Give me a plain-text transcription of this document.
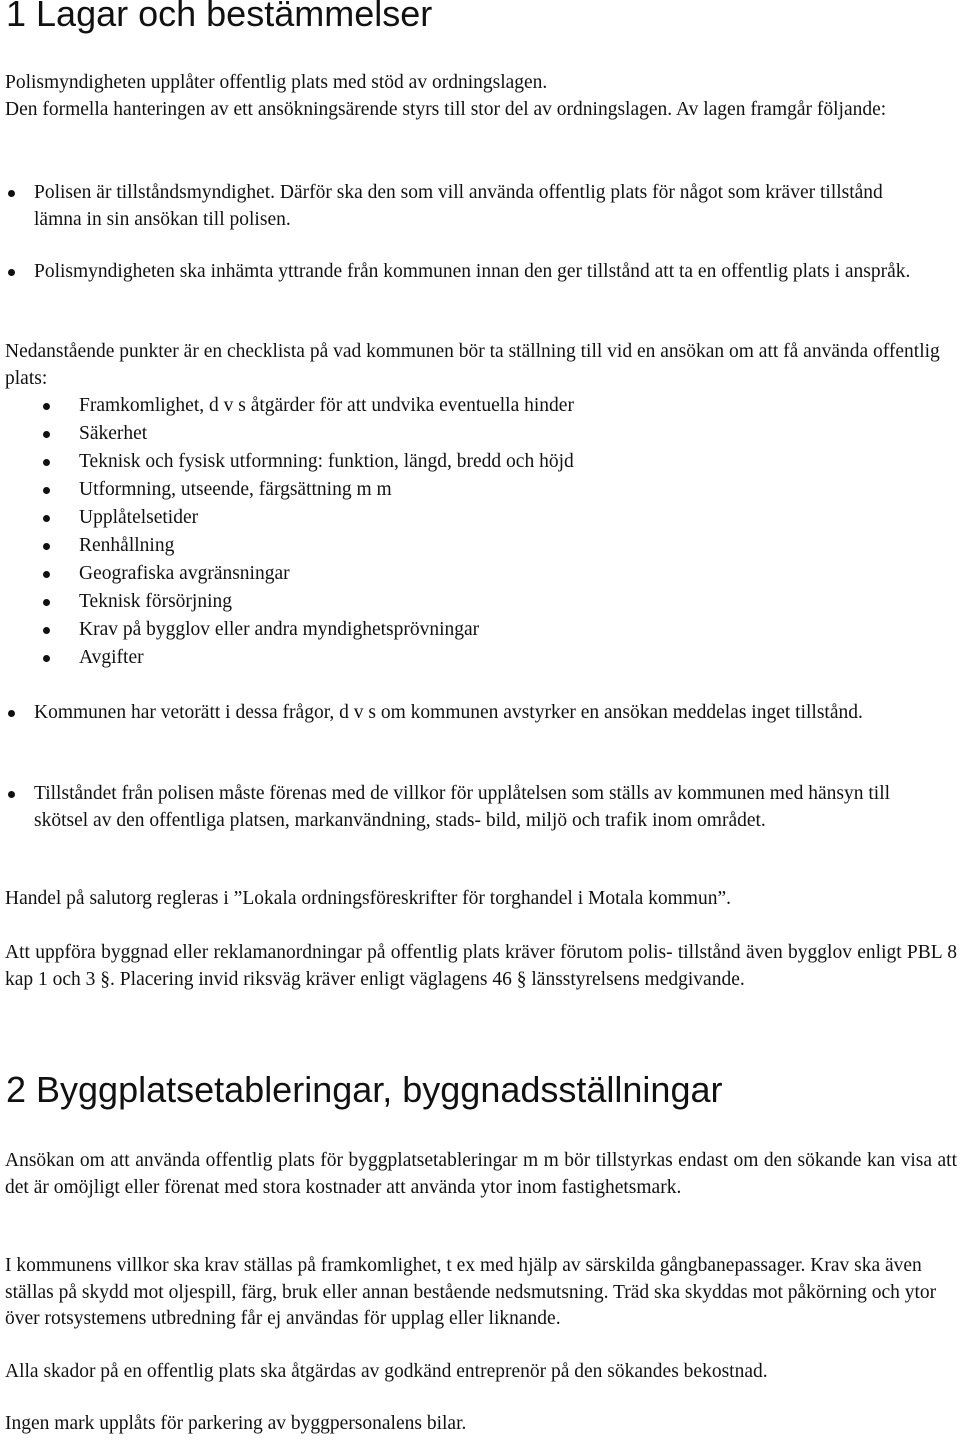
1 Lagar och bestämmelser

Polismyndigheten upplåter offentlig plats med stöd av ordningslagen.

Den formella hanteringen av ett ansökningsärende styrs till stor del av ordningslagen. Av lagen framgår följande:

Polisen är tillståndsmyndighet. Därför ska den som vill använda offentlig plats för något som kräver tillstånd lämna in sin ansökan till polisen.
Polismyndigheten ska inhämta yttrande från kommunen innan den ger tillstånd att ta en offentlig plats i anspråk.

Nedanstående punkter är en checklista på vad kommunen bör ta ställning till vid en ansökan om att få använda offentlig plats:

Framkomlighet, d v s åtgärder för att undvika eventuella hinder
Säkerhet
Teknisk och fysisk utformning: funktion, längd, bredd och höjd
Utformning, utseende, färgsättning m m
Upplåtelsetider
Renhållning
Geografiska avgränsningar
Teknisk försörjning
Krav på bygglov eller andra myndighetsprövningar
Avgifter
Kommunen har vetorätt i dessa frågor, d v s om kommunen avstyrker en ansökan meddelas inget tillstånd.
Tillståndet från polisen måste förenas med de villkor för upplåtelsen som ställs av kommunen med hänsyn till skötsel av den offentliga platsen, markanvändning, stads- bild, miljö och trafik inom området.

Handel på salutorg regleras i ”Lokala ordningsföreskrifter för torghandel i Motala kommun”.

Att uppföra byggnad eller reklamanordningar på offentlig plats kräver förutom polis- tillstånd även bygglov enligt PBL 8 kap 1 och 3 §. Placering invid riksväg kräver enligt väglagens 46 § länsstyrelsens medgivande.

2 Byggplatsetableringar, byggnadsställningar

Ansökan om att använda offentlig plats för byggplatsetableringar m m bör tillstyrkas endast om den sökande kan visa att det är omöjligt eller förenat med stora kostnader att använda ytor inom fastighetsmark.

I kommunens villkor ska krav ställas på framkomlighet, t ex med hjälp av särskilda gångbanepassager. Krav ska även ställas på skydd mot oljespill, färg, bruk eller annan bestående nedsmutsning. Träd ska skyddas mot påkörning och ytor över rotsystemens utbredning får ej användas för upplag eller liknande.

Alla skador på en offentlig plats ska åtgärdas av godkänd entreprenör på den sökandes bekostnad.

Ingen mark upplåts för parkering av byggpersonalens bilar.
